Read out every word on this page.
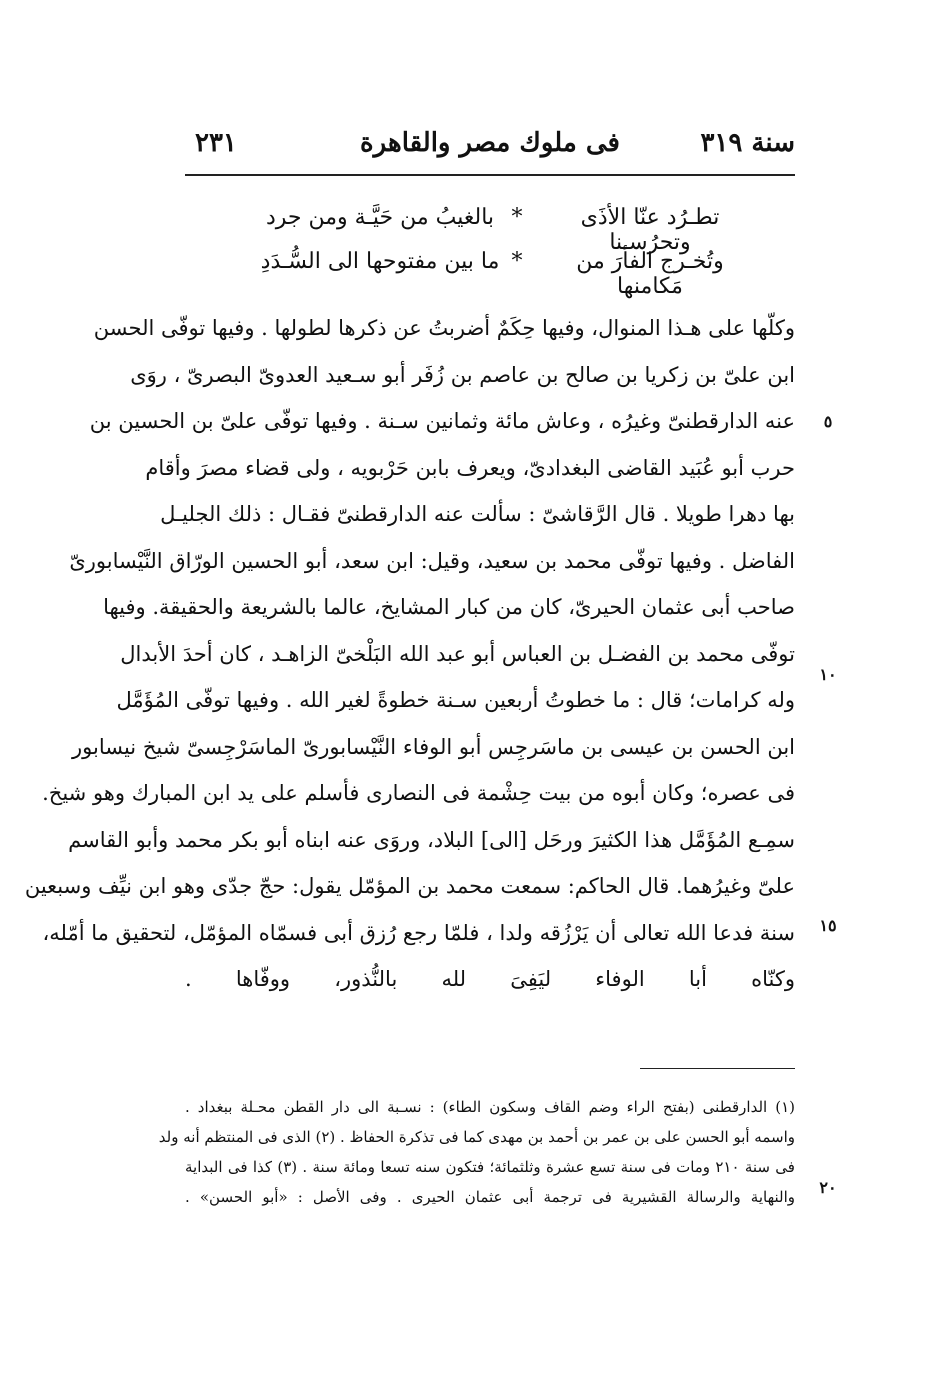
سنة ٣١٩
فى ملوك مصر والقاهرة
٢٣١
تطـرُد عنّا الأذَى وتحرُسـنا
*
بالغيبُ من حَيَّـة ومن جرد
وتُخـرج الفأرَ من مَكامنها
*
ما بين مفتوحها الى السُّـدَدِ
وكلّها على هـذا المنوال، وفيها حِكَمٌ أضربتُ عن ذكرها لطولها . وفيها توفّى الحسن
ابن علىّ بن زكريا بن صالح بن عاصم بن زُفَر أبو سـعيد العدوىّ البصرىّ ، روَى
عنه الدارقطنىّ وغيرُه ، وعاش مائة وثمانين سـنة . وفيها توفّى علىّ بن الحسين بن
حرب أبو عُبَيد القاضى البغدادىّ، ويعرف بابن حَرْبويه ، ولى قضاء مصرَ وأقام
بها دهرا طويلا . قال الرَّقاشىّ : سألت عنه الدارقطنىّ فقـال : ذلك الجليـل
الفاضل . وفيها توفّى محمد بن سعيد، وقيل: ابن سعد، أبو الحسين الورّاق النَّيْسابورىّ
صاحب أبى عثمان الحيرىّ، كان من كبار المشايخ، عالما بالشريعة والحقيقة. وفيها
توفّى محمد بن الفضـل بن العباس أبو عبد الله البَلْخىّ الزاهـد ، كان أحدَ الأبدال
وله كرامات؛ قال : ما خطوتُ أربعين سـنة خطوةً لغير الله . وفيها توفّى المُؤَمَّل
ابن الحسن بن عيسى بن ماسَرجِس أبو الوفاء النَّيْسابورىّ الماسَرْجِسىّ شيخ نيسابور
فى عصره؛ وكان أبوه من بيت حِشْمة فى النصارى فأسلم على يد ابن المبارك وهو شيخ.
سمِـع المُؤَمَّل هذا الكثيرَ ورحَل [الى] البلاد، وروَى عنه ابناه أبو بكر محمد وأبو القاسم
علىّ وغيرُهما. قال الحاكم: سمعت محمد بن المؤمّل يقول: حجّ جدّى وهو ابن نيِّف وسبعين
سنة فدعا الله تعالى أن يَرْزُقه ولدا ، فلمّا رجع رُزق أبى فسمّاه المؤمّل، لتحقيق ما أمّله،
وكنّاه أبا الوفاء ليَفِىَ لله بالنُّذور، ووفّاها .
٥
١٠
١٥
٢٠
(١) الدارقطنى (بفتح الراء وضم القاف وسكون الطاء) : نسـبة الى دار القطن محـلة ببغداد .
واسمه أبو الحسن على بن عمر بن أحمد بن مهدى كما فى تذكرة الحفاظ . (٢) الذى فى المنتظم أنه ولد
فى سنة ٢١٠ ومات فى سنة تسع عشرة وثلثمائة؛ فتكون سنه تسعا ومائة سنة . (٣) كذا فى البداية
والنهاية والرسالة القشيرية فى ترجمة أبى عثمان الحيرى . وفى الأصل : «أبو الحسن» .
